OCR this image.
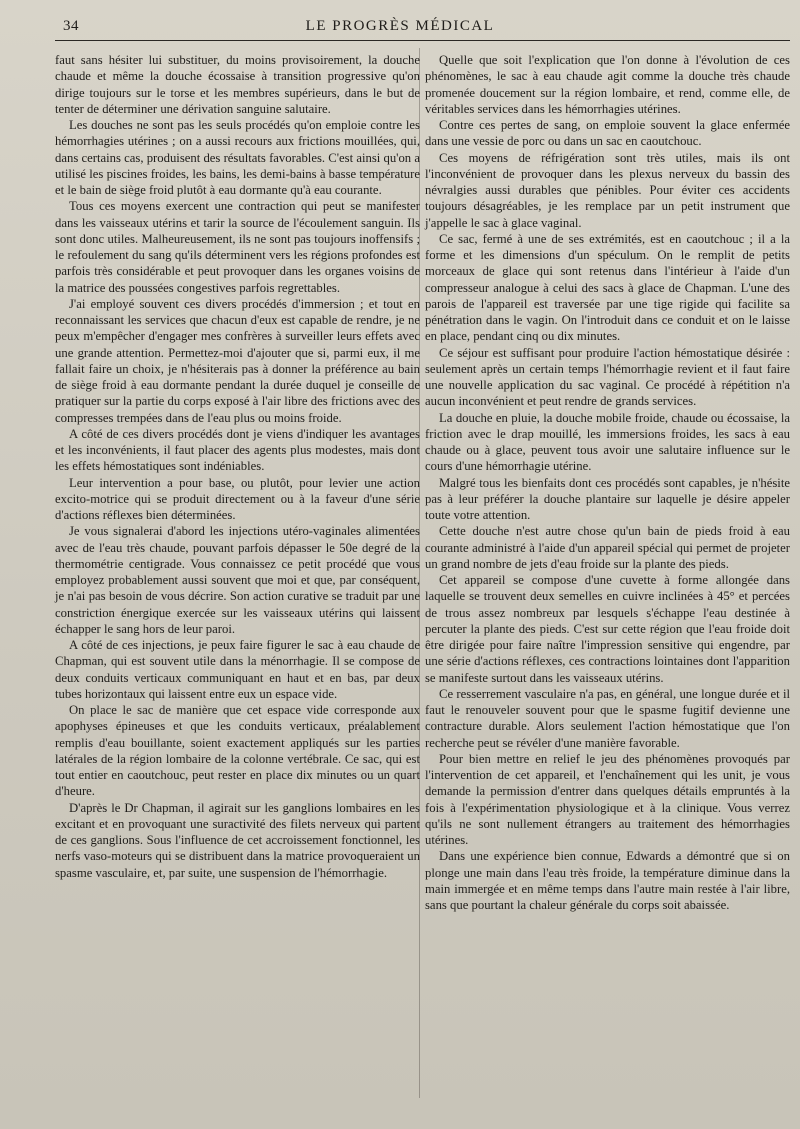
34	LE PROGRÈS MÉDICAL

faut sans hésiter lui substituer, du moins provisoirement, la douche chaude et même la douche écossaise à transition progressive qu'on dirige toujours sur le torse et les membres supérieurs, dans le but de tenter de déterminer une dérivation sanguine salutaire.

Les douches ne sont pas les seuls procédés qu'on emploie contre les hémorrhagies utérines ; on a aussi recours aux frictions mouillées, qui, dans certains cas, produisent des résultats favorables. C'est ainsi qu'on a utilisé les piscines froides, les bains, les demi-bains à basse température et le bain de siège froid plutôt à eau dormante qu'à eau courante.

Tous ces moyens exercent une contraction qui peut se manifester dans les vaisseaux utérins et tarir la source de l'écoulement sanguin. Ils sont donc utiles. Malheureusement, ils ne sont pas toujours inoffensifs ; le refoulement du sang qu'ils déterminent vers les régions profondes est parfois très considérable et peut provoquer dans les organes voisins de la matrice des poussées congestives parfois regrettables.

J'ai employé souvent ces divers procédés d'immersion ; et tout en reconnaissant les services que chacun d'eux est capable de rendre, je ne peux m'empêcher d'engager mes confrères à surveiller leurs effets avec une grande attention. Permettez-moi d'ajouter que si, parmi eux, il me fallait faire un choix, je n'hésiterais pas à donner la préférence au bain de siège froid à eau dormante pendant la durée duquel je conseille de pratiquer sur la partie du corps exposé à l'air libre des frictions avec des compresses trempées dans de l'eau plus ou moins froide.

A côté de ces divers procédés dont je viens d'indiquer les avantages et les inconvénients, il faut placer des agents plus modestes, mais dont les effets hémostatiques sont indéniables.

Leur intervention a pour base, ou plutôt, pour levier une action excito-motrice qui se produit directement ou à la faveur d'une série d'actions réflexes bien déterminées.

Je vous signalerai d'abord les injections utéro-vaginales alimentées avec de l'eau très chaude, pouvant parfois dépasser le 50e degré de la thermométrie centigrade. Vous connaissez ce petit procédé que vous employez probablement aussi souvent que moi et que, par conséquent, je n'ai pas besoin de vous décrire. Son action curative se traduit par une constriction énergique exercée sur les vaisseaux utérins qui laissent échapper le sang hors de leur paroi.

A côté de ces injections, je peux faire figurer le sac à eau chaude de Chapman, qui est souvent utile dans la ménorrhagie. Il se compose de deux conduits verticaux communiquant en haut et en bas, par deux tubes horizontaux qui laissent entre eux un espace vide.

On place le sac de manière que cet espace vide corresponde aux apophyses épineuses et que les conduits verticaux, préalablement remplis d'eau bouillante, soient exactement appliqués sur les parties latérales de la région lombaire de la colonne vertébrale. Ce sac, qui est tout entier en caoutchouc, peut rester en place dix minutes ou un quart d'heure.

D'après le Dr Chapman, il agirait sur les ganglions lombaires en les excitant et en provoquant une suractivité des filets nerveux qui partent de ces ganglions. Sous l'influence de cet accroissement fonctionnel, les nerfs vaso-moteurs qui se distribuent dans la matrice provoqueraient un spasme vasculaire, et, par suite, une suspension de l'hémorrhagie.

Quelle que soit l'explication que l'on donne à l'évolution de ces phénomènes, le sac à eau chaude agit comme la douche très chaude promenée doucement sur la région lombaire, et rend, comme elle, de véritables services dans les hémorrhagies utérines.

Contre ces pertes de sang, on emploie souvent la glace enfermée dans une vessie de porc ou dans un sac en caoutchouc.

Ces moyens de réfrigération sont très utiles, mais ils ont l'inconvénient de provoquer dans les plexus nerveux du bassin des névralgies aussi durables que pénibles. Pour éviter ces accidents toujours désagréables, je les remplace par un petit instrument que j'appelle le sac à glace vaginal.

Ce sac, fermé à une de ses extrémités, est en caoutchouc ; il a la forme et les dimensions d'un spéculum. On le remplit de petits morceaux de glace qui sont retenus dans l'intérieur à l'aide d'un compresseur analogue à celui des sacs à glace de Chapman. L'une des parois de l'appareil est traversée par une tige rigide qui facilite sa pénétration dans le vagin. On l'introduit dans ce conduit et on le laisse en place, pendant cinq ou dix minutes.

Ce séjour est suffisant pour produire l'action hémostatique désirée : seulement après un certain temps l'hémorrhagie revient et il faut faire une nouvelle application du sac vaginal. Ce procédé à répétition n'a aucun inconvénient et peut rendre de grands services.

La douche en pluie, la douche mobile froide, chaude ou écossaise, la friction avec le drap mouillé, les immersions froides, les sacs à eau chaude ou à glace, peuvent tous avoir une salutaire influence sur le cours d'une hémorrhagie utérine.

Malgré tous les bienfaits dont ces procédés sont capables, je n'hésite pas à leur préférer la douche plantaire sur laquelle je désire appeler toute votre attention.

Cette douche n'est autre chose qu'un bain de pieds froid à eau courante administré à l'aide d'un appareil spécial qui permet de projeter un grand nombre de jets d'eau froide sur la plante des pieds.

Cet appareil se compose d'une cuvette à forme allongée dans laquelle se trouvent deux semelles en cuivre inclinées à 45° et percées de trous assez nombreux par lesquels s'échappe l'eau destinée à percuter la plante des pieds. C'est sur cette région que l'eau froide doit être dirigée pour faire naître l'impression sensitive qui engendre, par une série d'actions réflexes, ces contractions lointaines dont l'apparition se manifeste surtout dans les vaisseaux utérins.

Ce resserrement vasculaire n'a pas, en général, une longue durée et il faut le renouveler souvent pour que le spasme fugitif devienne une contracture durable. Alors seulement l'action hémostatique que l'on recherche peut se révéler d'une manière favorable.

Pour bien mettre en relief le jeu des phénomènes provoqués par l'intervention de cet appareil, et l'enchaînement qui les unit, je vous demande la permission d'entrer dans quelques détails empruntés à la fois à l'expérimentation physiologique et à la clinique. Vous verrez qu'ils ne sont nullement étrangers au traitement des hémorrhagies utérines.

Dans une expérience bien connue, Edwards a démontré que si on plonge une main dans l'eau très froide, la température diminue dans la main immergée et en même temps dans l'autre main restée à l'air libre, sans que pourtant la chaleur générale du corps soit abaissée.
